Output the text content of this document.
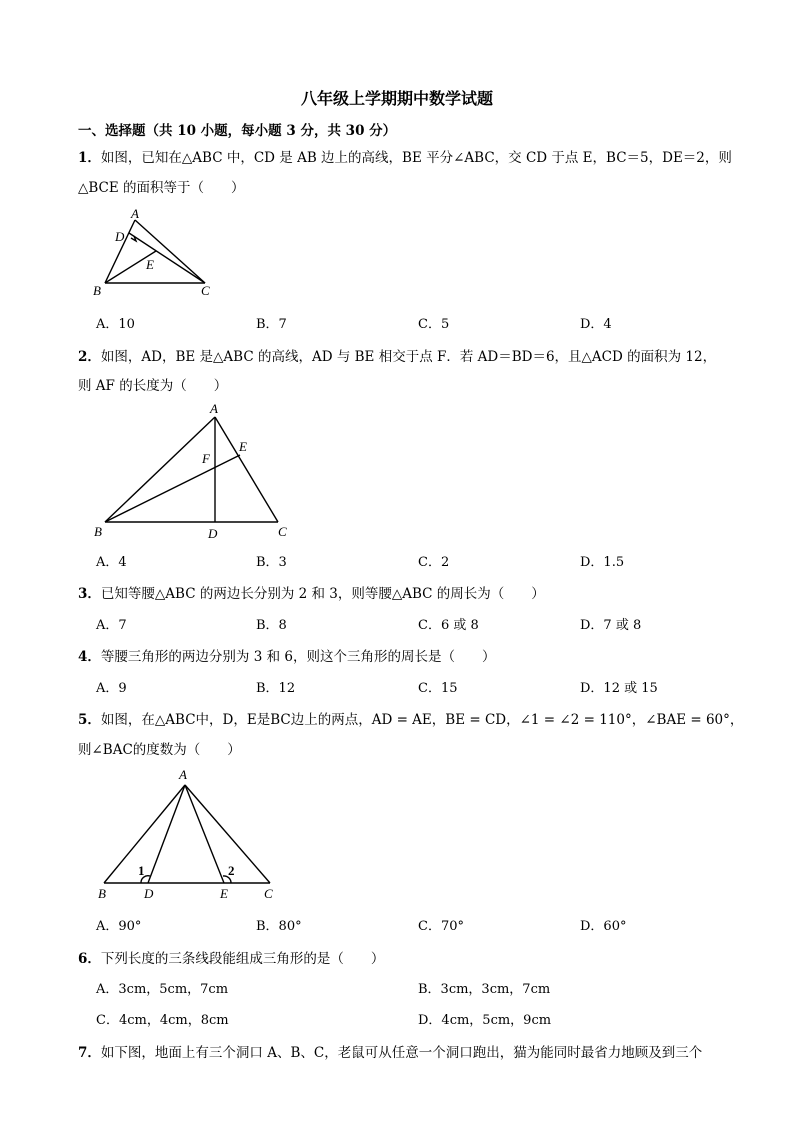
八年级上学期期中数学试题
一、选择题（共 10 小题，每小题 3 分，共 30 分）
1．如图，已知在△ABC 中，CD 是 AB 边上的高线，BE 平分∠ABC，交 CD 于点 E，BC＝5，DE＝2，则
△BCE 的面积等于（　　）
A
D
E
B	C
A．10	B．7	C．5	D．4
2．如图，AD，BE 是△ABC 的高线，AD 与 BE 相交于点 F．若 AD＝BD＝6，且△ACD 的面积为 12，
则 AF 的长度为（　　）
A
E
F
B	D	C
A．4	B．3	C．2	D．1.5
3．已知等腰△ABC 的两边长分别为 2 和 3，则等腰△ABC 的周长为（　　）
A．7	B．8	C．6 或 8	D．7 或 8
4．等腰三角形的两边分别为 3 和 6，则这个三角形的周长是（　　）
A．9	B．12	C．15	D．12 或 15
5．如图，在△ABC中，D，E是BC边上的两点，AD = AE，BE = CD，∠1 = ∠2 = 110°，∠BAE = 60°，
则∠BAC的度数为（　　）
A
1	2
B	D	E	C
A．90°	B．80°	C．70°	D．60°
6．下列长度的三条线段能组成三角形的是（　　）
A．3cm，5cm，7cm	B．3cm，3cm，7cm
C．4cm，4cm，8cm	D．4cm，5cm，9cm
7．如下图，地面上有三个洞口 A、B、C，老鼠可从任意一个洞口跑出，猫为能同时最省力地顾及到三个
